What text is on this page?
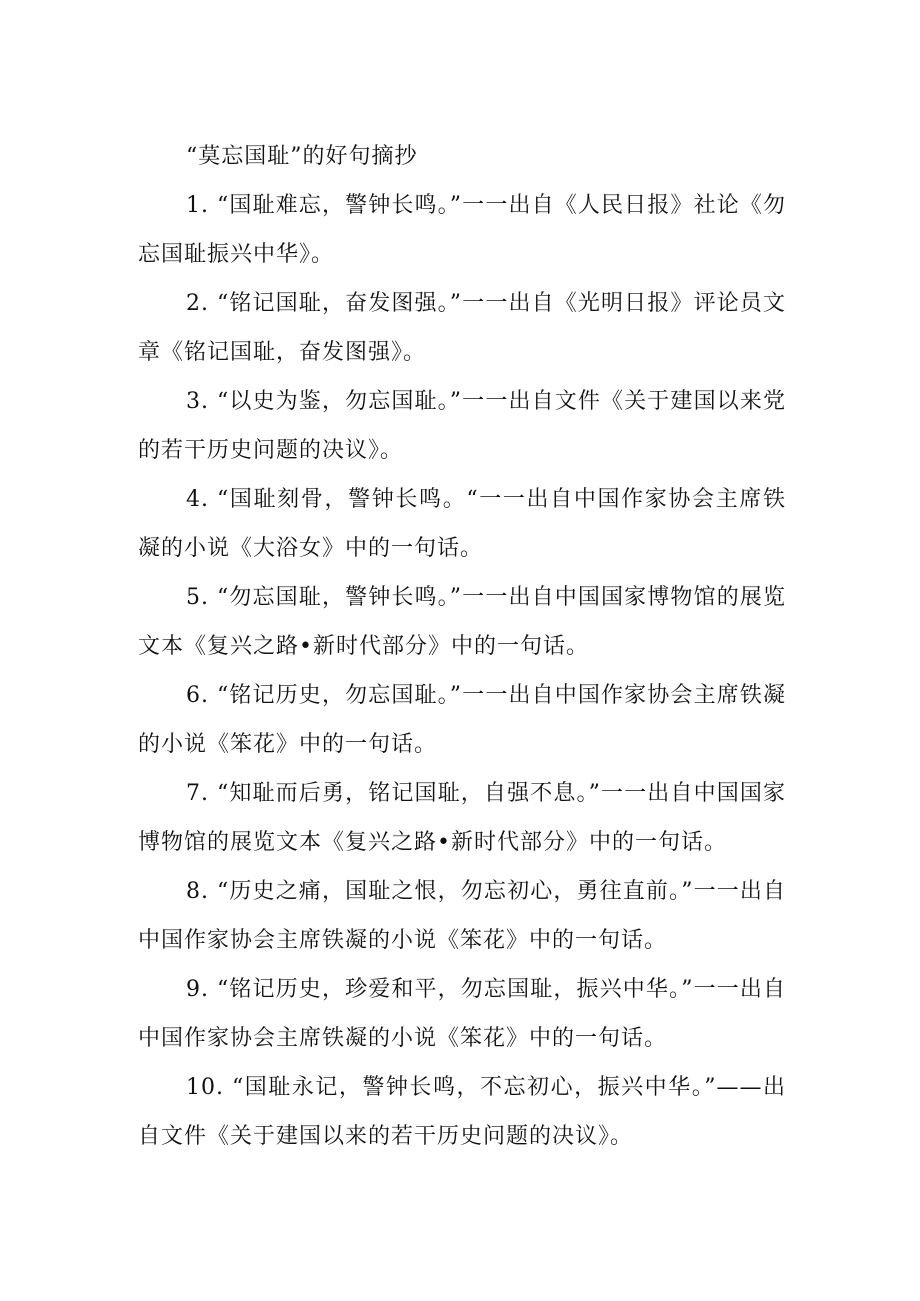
“莫忘国耻”的好句摘抄

1. “国耻难忘，警钟长鸣。”一一出自《人民日报》社论《勿忘国耻振兴中华》。

2. “铭记国耻，奋发图强。”一一出自《光明日报》评论员文章《铭记国耻，奋发图强》。

3. “以史为鉴，勿忘国耻。”一一出自文件《关于建国以来党的若干历史问题的决议》。

4. “国耻刻骨，警钟长鸣。“一一出自中国作家协会主席铁凝的小说《大浴女》中的一句话。

5. “勿忘国耻，警钟长鸣。”一一出自中国国家博物馆的展览文本《复兴之路•新时代部分》中的一句话。

6. “铭记历史，勿忘国耻。”一一出自中国作家协会主席铁凝的小说《笨花》中的一句话。

7. “知耻而后勇，铭记国耻，自强不息。”一一出自中国国家博物馆的展览文本《复兴之路•新时代部分》中的一句话。

8. “历史之痛，国耻之恨，勿忘初心，勇往直前。”一一出自中国作家协会主席铁凝的小说《笨花》中的一句话。

9. “铭记历史，珍爱和平，勿忘国耻，振兴中华。”一一出自中国作家协会主席铁凝的小说《笨花》中的一句话。

10. “国耻永记，警钟长鸣，不忘初心，振兴中华。”——出自文件《关于建国以来的若干历史问题的决议》。
